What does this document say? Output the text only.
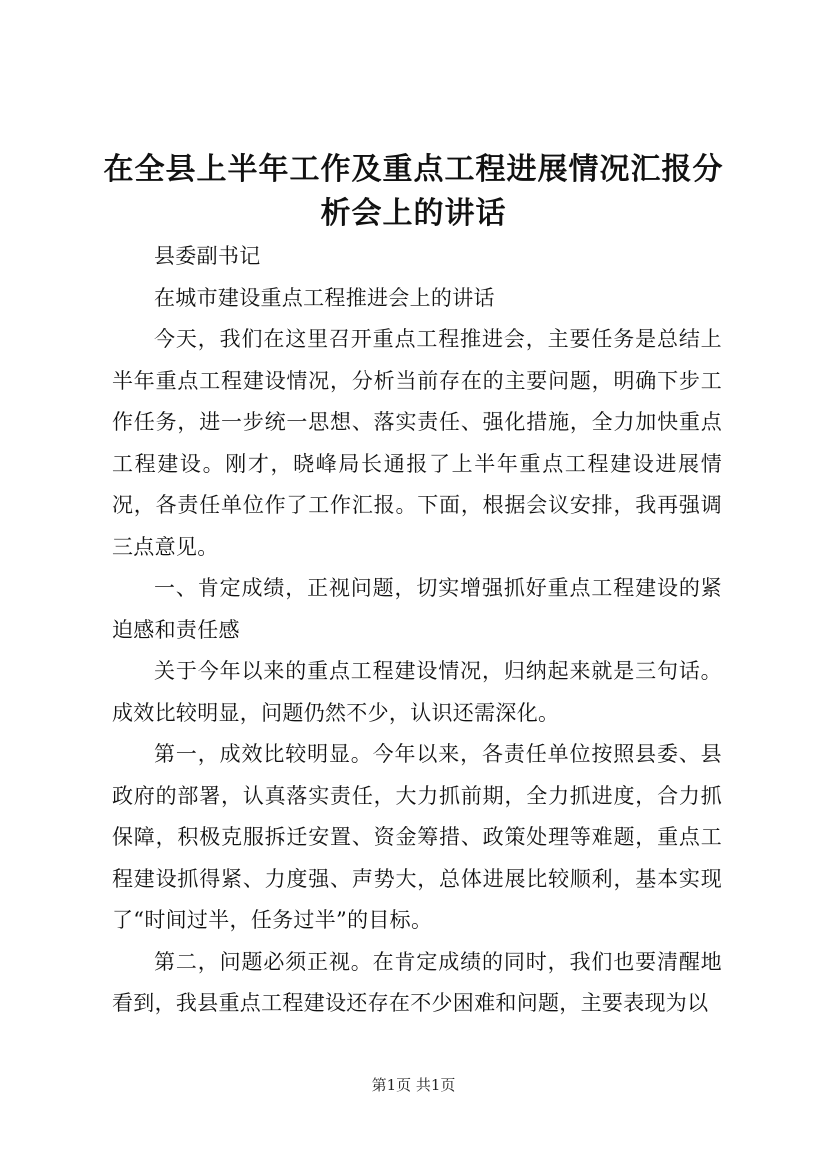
在全县上半年工作及重点工程进展情况汇报分析会上的讲话

县委副书记

在城市建设重点工程推进会上的讲话

今天，我们在这里召开重点工程推进会，主要任务是总结上半年重点工程建设情况，分析当前存在的主要问题，明确下步工作任务，进一步统一思想、落实责任、强化措施，全力加快重点工程建设。刚才，晓峰局长通报了上半年重点工程建设进展情况，各责任单位作了工作汇报。下面，根据会议安排，我再强调三点意见。

一、肯定成绩，正视问题，切实增强抓好重点工程建设的紧迫感和责任感

关于今年以来的重点工程建设情况，归纳起来就是三句话。成效比较明显，问题仍然不少，认识还需深化。

第一，成效比较明显。今年以来，各责任单位按照县委、县政府的部署，认真落实责任，大力抓前期，全力抓进度，合力抓保障，积极克服拆迁安置、资金筹措、政策处理等难题，重点工程建设抓得紧、力度强、声势大，总体进展比较顺利，基本实现了“时间过半，任务过半”的目标。

第二，问题必须正视。在肯定成绩的同时，我们也要清醒地看到，我县重点工程建设还存在不少困难和问题，主要表现为以

第1页 共1页
